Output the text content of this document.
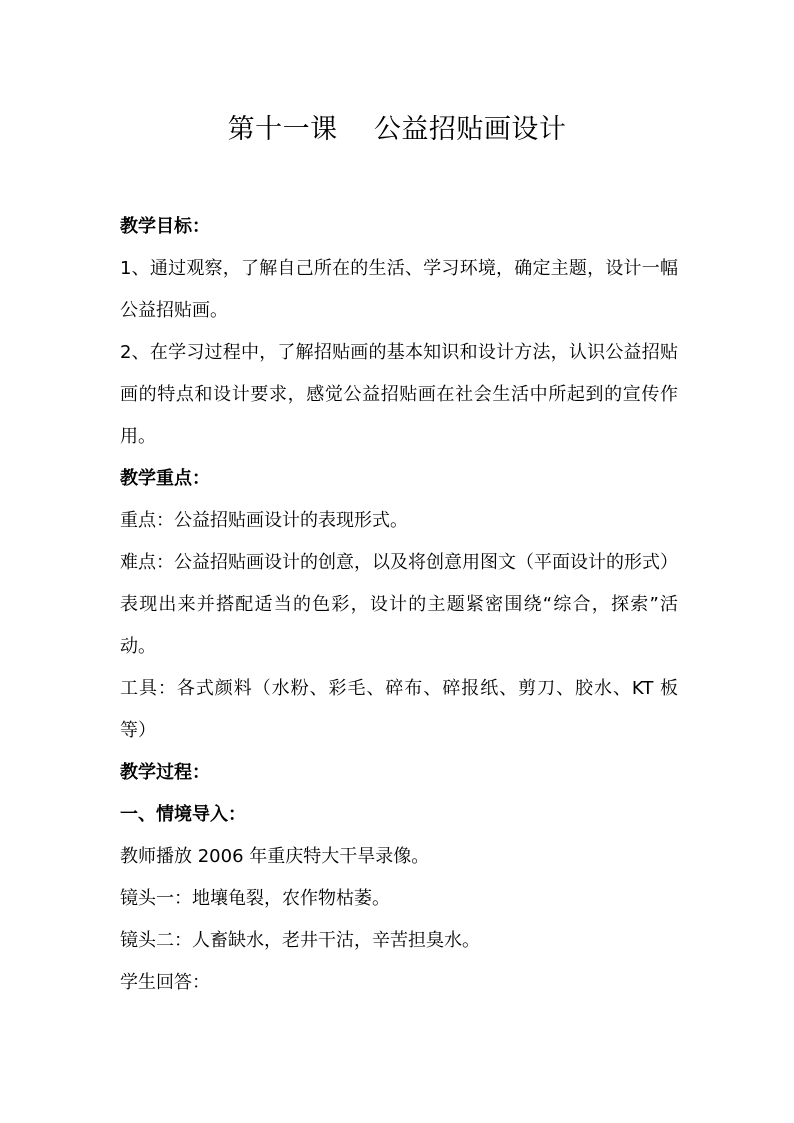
第十一课    公益招贴画设计

教学目标：

1、通过观察，了解自己所在的生活、学习环境，确定主题，设计一幅公益招贴画。

2、在学习过程中，了解招贴画的基本知识和设计方法，认识公益招贴画的特点和设计要求，感觉公益招贴画在社会生活中所起到的宣传作用。

教学重点：

重点：公益招贴画设计的表现形式。

难点：公益招贴画设计的创意，以及将创意用图文（平面设计的形式）表现出来并搭配适当的色彩，设计的主题紧密围绕“综合，探索”活动。

工具：各式颜料（水粉、彩毛、碎布、碎报纸、剪刀、胶水、KT 板等）

教学过程：

一、情境导入：

教师播放 2006 年重庆特大干旱录像。

镜头一：地壤龟裂，农作物枯萎。

镜头二：人畜缺水，老井干沽，辛苦担臭水。

学生回答：
